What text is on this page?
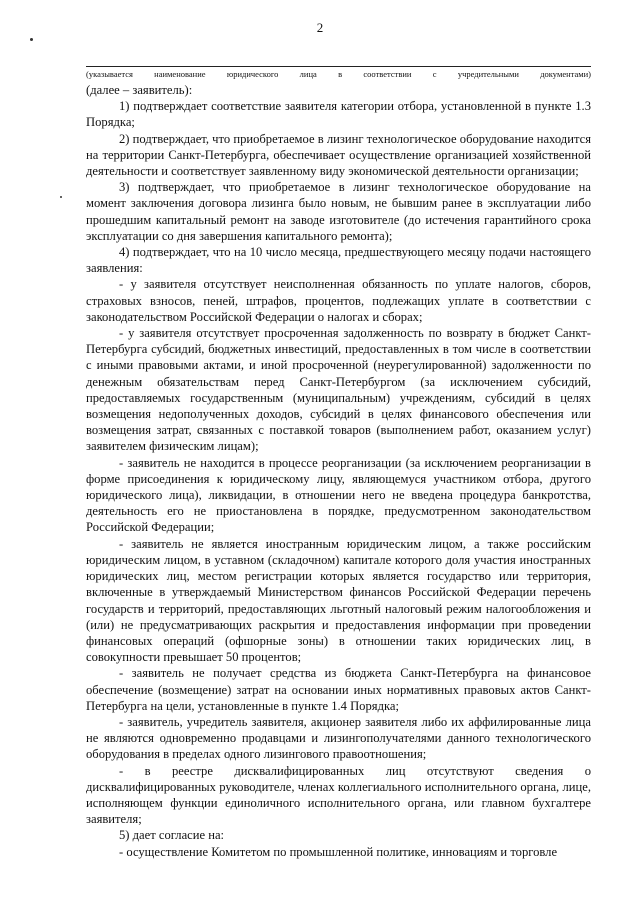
2
(указывается	наименование	юридического	лица	в	соответствии	с	учредительными	документами)

(далее – заявитель):

1) подтверждает соответствие заявителя категории отбора, установленной в пункте 1.3 Порядка;

2) подтверждает, что приобретаемое в лизинг технологическое оборудование находится на территории Санкт-Петербурга, обеспечивает осуществление организацией хозяйственной деятельности и соответствует заявленному виду экономической деятельности организации;

3) подтверждает, что приобретаемое в лизинг технологическое оборудование на момент заключения договора лизинга было новым, не бывшим ранее в эксплуатации либо прошедшим капитальный ремонт на заводе изготовителе (до истечения гарантийного срока эксплуатации со дня завершения капитального ремонта);

4) подтверждает, что на 10 число месяца, предшествующего месяцу подачи настоящего заявления:

- у заявителя отсутствует неисполненная обязанность по уплате налогов, сборов, страховых взносов, пеней, штрафов, процентов, подлежащих уплате в соответствии с законодательством Российской Федерации о налогах и сборах;

- у заявителя отсутствует просроченная задолженность по возврату в бюджет Санкт-Петербурга субсидий, бюджетных инвестиций, предоставленных в том числе в соответствии с иными правовыми актами, и иной просроченной (неурегулированной) задолженности по денежным обязательствам перед Санкт-Петербургом (за исключением субсидий, предоставляемых государственным (муниципальным) учреждениям, субсидий в целях возмещения недополученных доходов, субсидий в целях финансового обеспечения или возмещения затрат, связанных с поставкой товаров (выполнением работ, оказанием услуг) заявителем физическим лицам);

- заявитель не находится в процессе реорганизации (за исключением реорганизации в форме присоединения к юридическому лицу, являющемуся участником отбора, другого юридического лица), ликвидации, в отношении него не введена процедура банкротства, деятельность его не приостановлена в порядке, предусмотренном законодательством Российской Федерации;

- заявитель не является иностранным юридическим лицом, а также российским юридическим лицом, в уставном (складочном) капитале которого доля участия иностранных юридических лиц, местом регистрации которых является государство или территория, включенные в утверждаемый Министерством финансов Российской Федерации перечень государств и территорий, предоставляющих льготный налоговый режим налогообложения и (или) не предусматривающих раскрытия и предоставления информации при проведении финансовых операций (офшорные зоны) в отношении таких юридических лиц, в совокупности превышает 50 процентов;

- заявитель не получает средства из бюджета Санкт-Петербурга на финансовое обеспечение (возмещение) затрат на основании иных нормативных правовых актов Санкт-Петербурга на цели, установленные в пункте 1.4 Порядка;

- заявитель, учредитель заявителя, акционер заявителя либо их аффилированные лица не являются одновременно продавцами и лизингополучателями данного технологического оборудования в пределах одного лизингового правоотношения;

- в реестре дисквалифицированных лиц отсутствуют сведения о дисквалифицированных руководителе, членах коллегиального исполнительного органа, лице, исполняющем функции единоличного исполнительного органа, или главном бухгалтере заявителя;

5) дает согласие на:

- осуществление Комитетом по промышленной политике, инновациям и торговле
